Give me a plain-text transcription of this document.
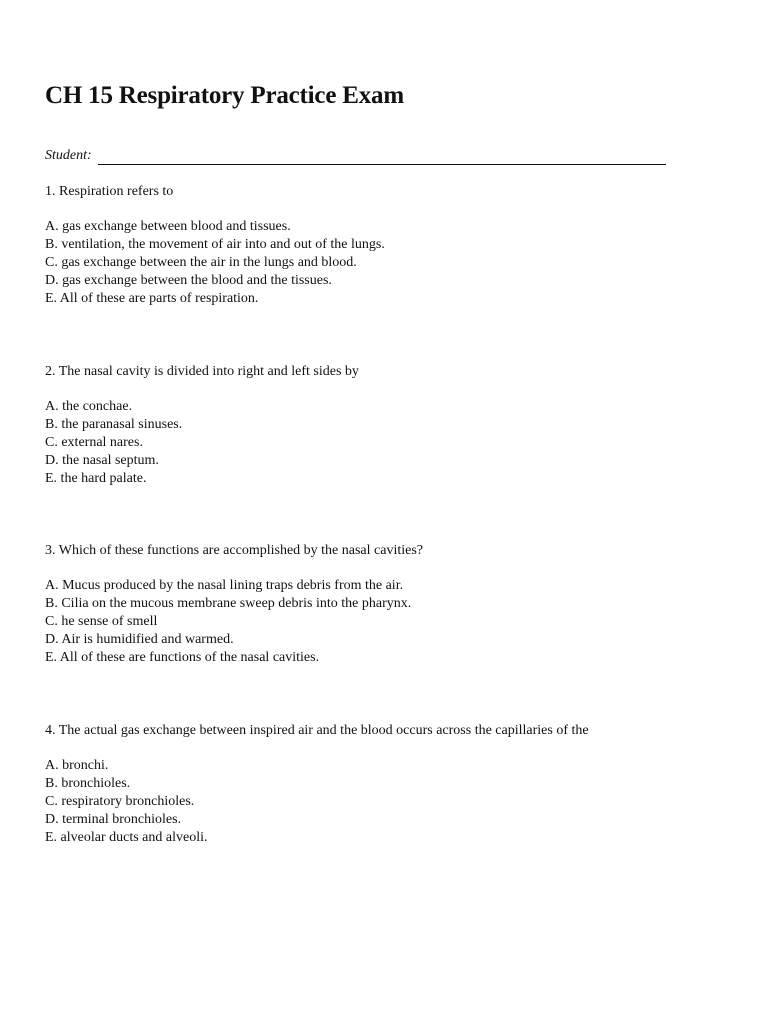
CH 15 Respiratory Practice Exam
Student:

1. Respiration refers to

A. gas exchange between blood and tissues.
B. ventilation, the movement of air into and out of the lungs.
C. gas exchange between the air in the lungs and blood.
D. gas exchange between the blood and the tissues.
E. All of these are parts of respiration.

2. The nasal cavity is divided into right and left sides by

A. the conchae.
B. the paranasal sinuses.
C. external nares.
D. the nasal septum.
E. the hard palate.

3. Which of these functions are accomplished by the nasal cavities?

A. Mucus produced by the nasal lining traps debris from the air.
B. Cilia on the mucous membrane sweep debris into the pharynx.
C. he sense of smell
D. Air is humidified and warmed.
E. All of these are functions of the nasal cavities.

4. The actual gas exchange between inspired air and the blood occurs across the capillaries of the

A. bronchi.
B. bronchioles.
C. respiratory bronchioles.
D. terminal bronchioles.
E. alveolar ducts and alveoli.
